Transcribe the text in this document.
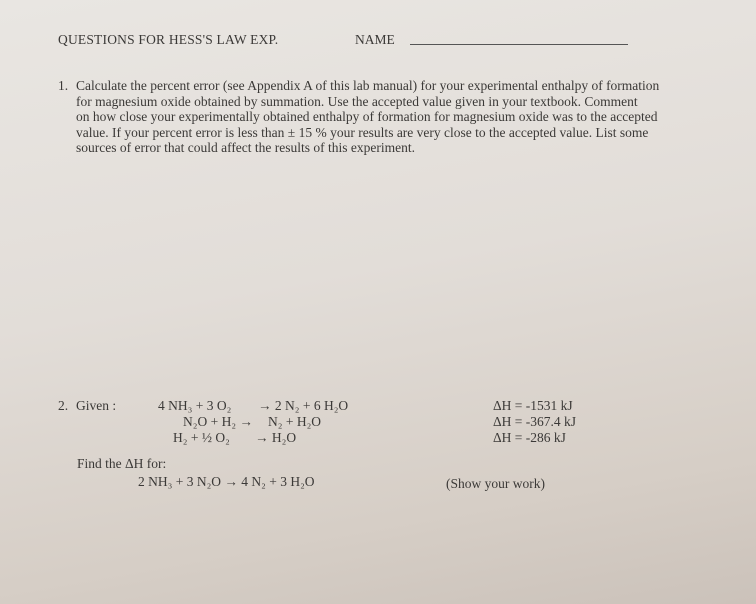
QUESTIONS FOR HESS'S LAW EXP.	NAME
1. Calculate the percent error (see Appendix A of this lab manual) for your experimental enthalpy of formation
for magnesium oxide obtained by summation. Use the accepted value given in your textbook. Comment
on how close your experimentally obtained enthalpy of formation for magnesium oxide was to the accepted
value. If your percent error is less than ± 15 % your results are very close to the accepted value. List some
sources of error that could affect the results of this experiment.
2. Given :	4 NH₃ + 3 O₂ → 2 N₂ + 6 H₂O	ΔH = -1531 kJ
N₂O + H₂ → N₂ + H₂O	ΔH = -367.4 kJ
H₂ + ½ O₂ → H₂O	ΔH = -286 kJ
Find the ΔH for:
2 NH₃ + 3 N₂O → 4 N₂ + 3 H₂O	(Show your work)
